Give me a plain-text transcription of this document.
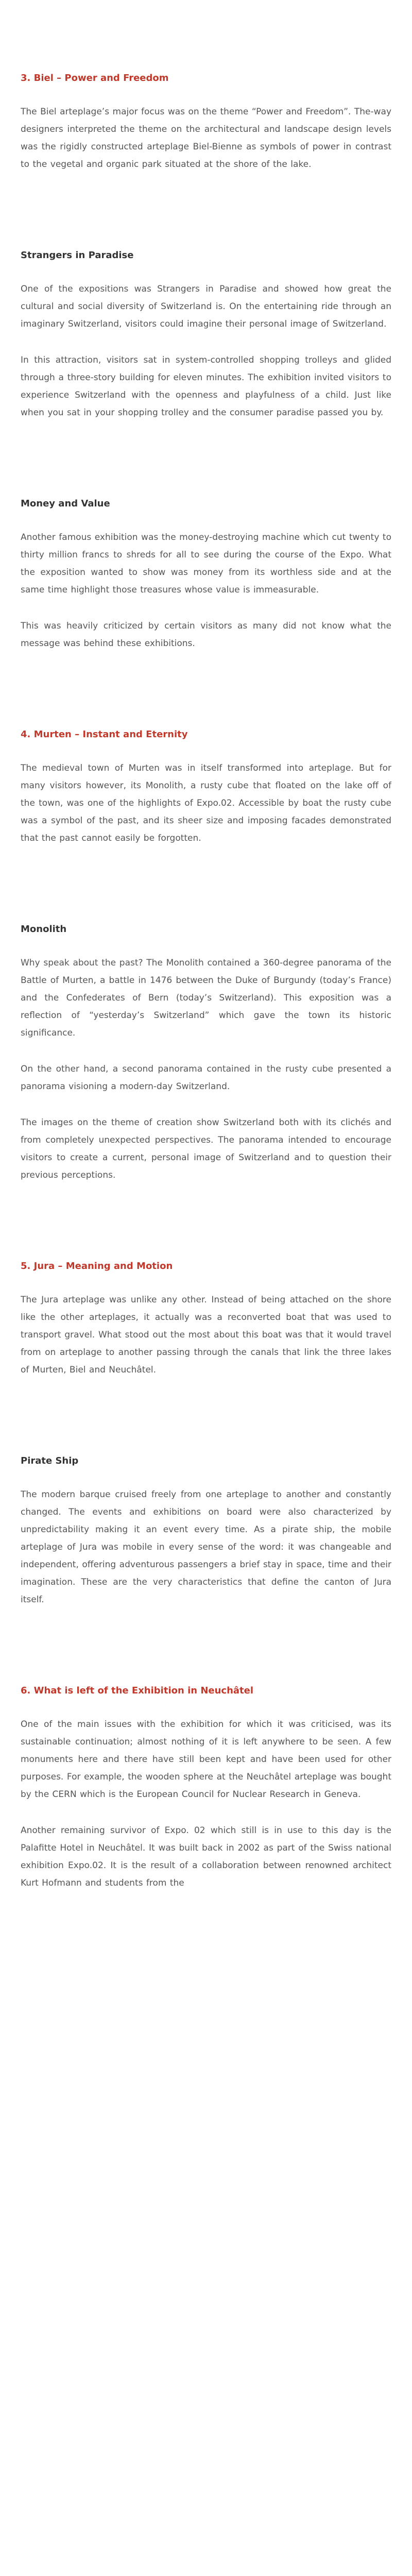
3. Biel – Power and Freedom

The Biel arteplage’s major focus was on the theme “Power and Freedom”. The-way designers interpreted the theme on the architectural and landscape design levels was the rigidly constructed arteplage Biel-Bienne as symbols of power in contrast to the vegetal and organic park situated at the shore of the lake.

Strangers in Paradise

One of the expositions was Strangers in Paradise and showed how great the cultural and social diversity of Switzerland is. On the entertaining ride through an imaginary Switzerland, visitors could imagine their personal image of Switzerland.

In this attraction, visitors sat in system-controlled shopping trolleys and glided through a three-story building for eleven minutes. The exhibition invited visitors to experience Switzerland with the openness and playfulness of a child. Just like when you sat in your shopping trolley and the consumer paradise passed you by.

Money and Value

Another famous exhibition was the money-destroying machine which cut twenty to thirty million francs to shreds for all to see during the course of the Expo. What the exposition wanted to show was money from its worthless side and at the same time highlight those treasures whose value is immeasurable.

This was heavily criticized by certain visitors as many did not know what the message was behind these exhibitions.

4. Murten – Instant and Eternity

The medieval town of Murten was in itself transformed into arteplage. But for many visitors however, its Monolith, a rusty cube that floated on the lake off of the town, was one of the highlights of Expo.02. Accessible by boat the rusty cube was a symbol of the past, and its sheer size and imposing facades demonstrated that the past cannot easily be forgotten.

Monolith

Why speak about the past? The Monolith contained a 360-degree panorama of the Battle of Murten, a battle in 1476 between the Duke of Burgundy (today’s France) and the Confederates of Bern (today’s Switzerland). This exposition was a reflection of “yesterday’s Switzerland” which gave the town its historic significance.

On the other hand, a second panorama contained in the rusty cube presented a panorama visioning a modern-day Switzerland.

The images on the theme of creation show Switzerland both with its clichés and from completely unexpected perspectives. The panorama intended to encourage visitors to create a current, personal image of Switzerland and to question their previous perceptions.

5. Jura – Meaning and Motion

The Jura arteplage was unlike any other. Instead of being attached on the shore like the other arteplages, it actually was a reconverted boat that was used to transport gravel. What stood out the most about this boat was that it would travel from on arteplage to another passing through the canals that link the three lakes of Murten, Biel and Neuchâtel.

Pirate Ship

The modern barque cruised freely from one arteplage to another and constantly changed. The events and exhibitions on board were also characterized by unpredictability making it an event every time. As a pirate ship, the mobile arteplage of Jura was mobile in every sense of the word: it was changeable and independent, offering adventurous passengers a brief stay in space, time and their imagination. These are the very characteristics that define the canton of Jura itself.

6. What is left of the Exhibition in Neuchâtel

One of the main issues with the exhibition for which it was criticised, was its sustainable continuation; almost nothing of it is left anywhere to be seen. A few monuments here and there have still been kept and have been used for other purposes. For example, the wooden sphere at the Neuchâtel arteplage was bought by the CERN which is the European Council for Nuclear Research in Geneva.

Another remaining survivor of Expo. 02 which still is in use to this day is the Palafitte Hotel in Neuchâtel. It was built back in 2002 as part of the Swiss national exhibition Expo.02. It is the result of a collaboration between renowned architect Kurt Hofmann and students from the
